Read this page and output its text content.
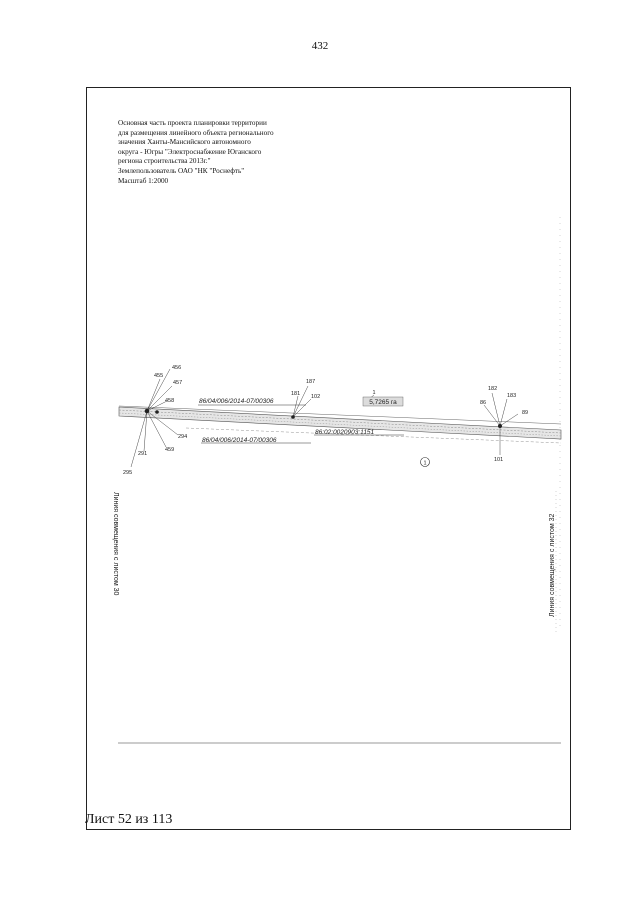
432
Основная часть проекта планировки территории
для размещения линейного объекта регионального
значения Ханты-Мансийского автономного
округа - Югры "Электроснабжение Юганского
региона строительства 2013г."
Землепользователь ОАО "НК "Роснефть"
Масштаб 1:2000
5,7265 га
1
1
86/04/006/2014-07/00306
86/04/006/2014-07/00306
86:02:0020903:1151
456
455
457
458
295
291
294
459
187
181 102
182
86
183
89
101
Линия совмещения с листом 30	Линия совмещения с листом 32
Лист 52 из 113
